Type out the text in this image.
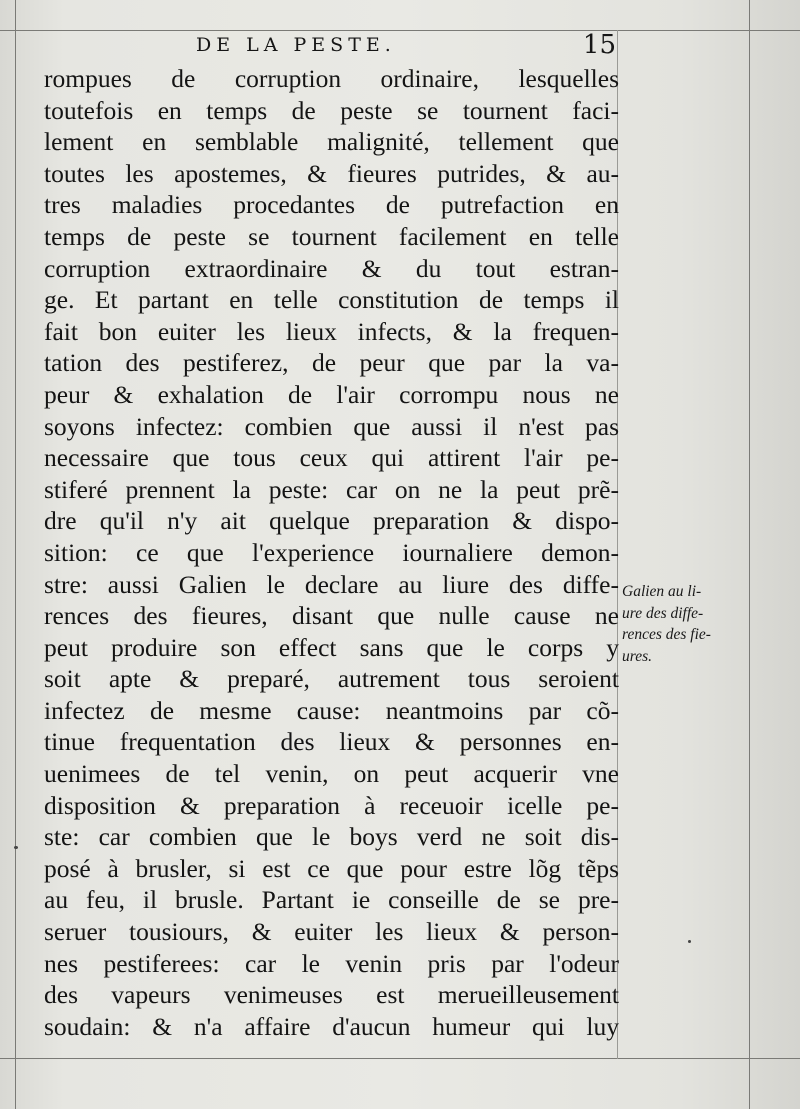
DE LA PESTE.	15
rompues de corruption ordinaire, lesquelles
toutefois en temps de peste se tournent faci-
lement en semblable malignité, tellement que
toutes les apostemes, & fieures putrides, & au-
tres maladies procedantes de putrefaction en
temps de peste se tournent facilement en telle
corruption extraordinaire & du tout estran-
ge. Et partant en telle constitution de temps il
fait bon euiter les lieux infects, & la frequen-
tation des pestiferez, de peur que par la va-
peur & exhalation de l'air corrompu nous ne
soyons infectez: combien que aussi il n'est pas
necessaire que tous ceux qui attirent l'air pe-
stiferé prennent la peste: car on ne la peut prẽ-
dre qu'il n'y ait quelque preparation & dispo-
sition: ce que l'experience iournaliere demon-
stre: aussi Galien le declare au liure des diffe-
rences des fieures, disant que nulle cause ne
peut produire son effect sans que le corps y
soit apte & preparé, autrement tous seroient
infectez de mesme cause: neantmoins par cõ-
tinue frequentation des lieux & personnes en-
uenimees de tel venin, on peut acquerir vne
disposition & preparation à receuoir icelle pe-
ste: car combien que le boys verd ne soit dis-
posé à brusler, si est ce que pour estre lõg tẽps
au feu, il brusle. Partant ie conseille de se pre-
seruer tousiours, & euiter les lieux & person-
nes pestiferees: car le venin pris par l'odeur
des vapeurs venimeuses est merueilleusement
soudain: & n'a affaire d'aucun humeur qui luy
Galien au li-
ure des diffe-
rences des fie-
ures.
